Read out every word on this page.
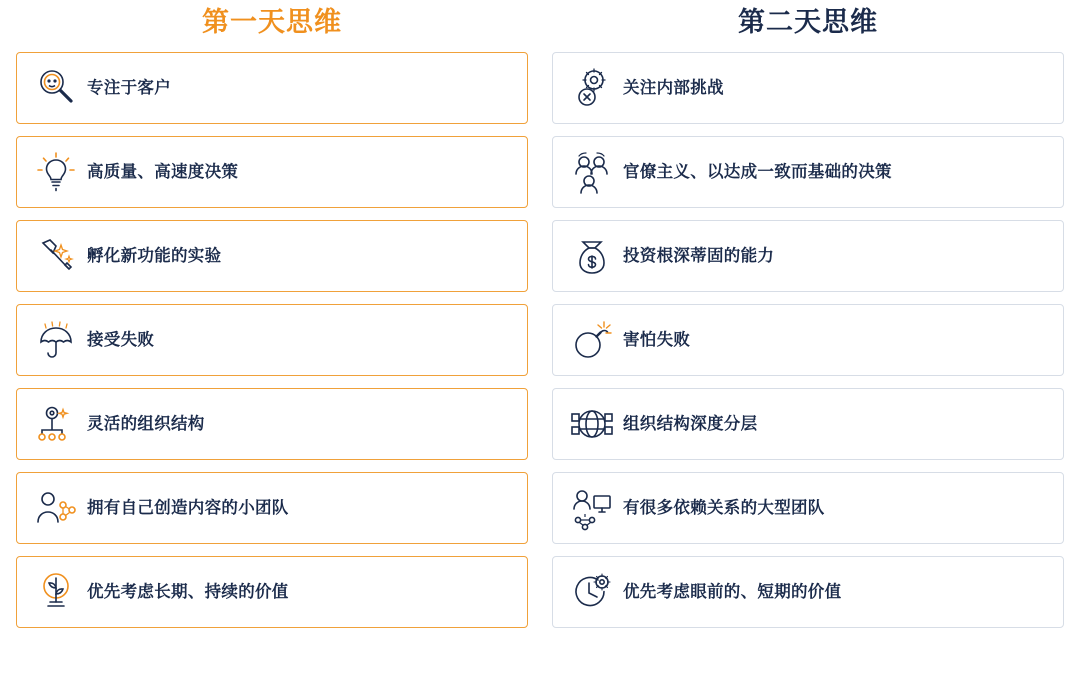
第一天思维
专注于客户
高质量、高速度决策
孵化新功能的实验
接受失败
灵活的组织结构
拥有自己创造内容的小团队
优先考虑长期、持续的价值
第二天思维
关注内部挑战
官僚主义、以达成一致而基础的决策
投资根深蒂固的能力
害怕失败
组织结构深度分层
有很多依赖关系的大型团队
优先考虑眼前的、短期的价值
